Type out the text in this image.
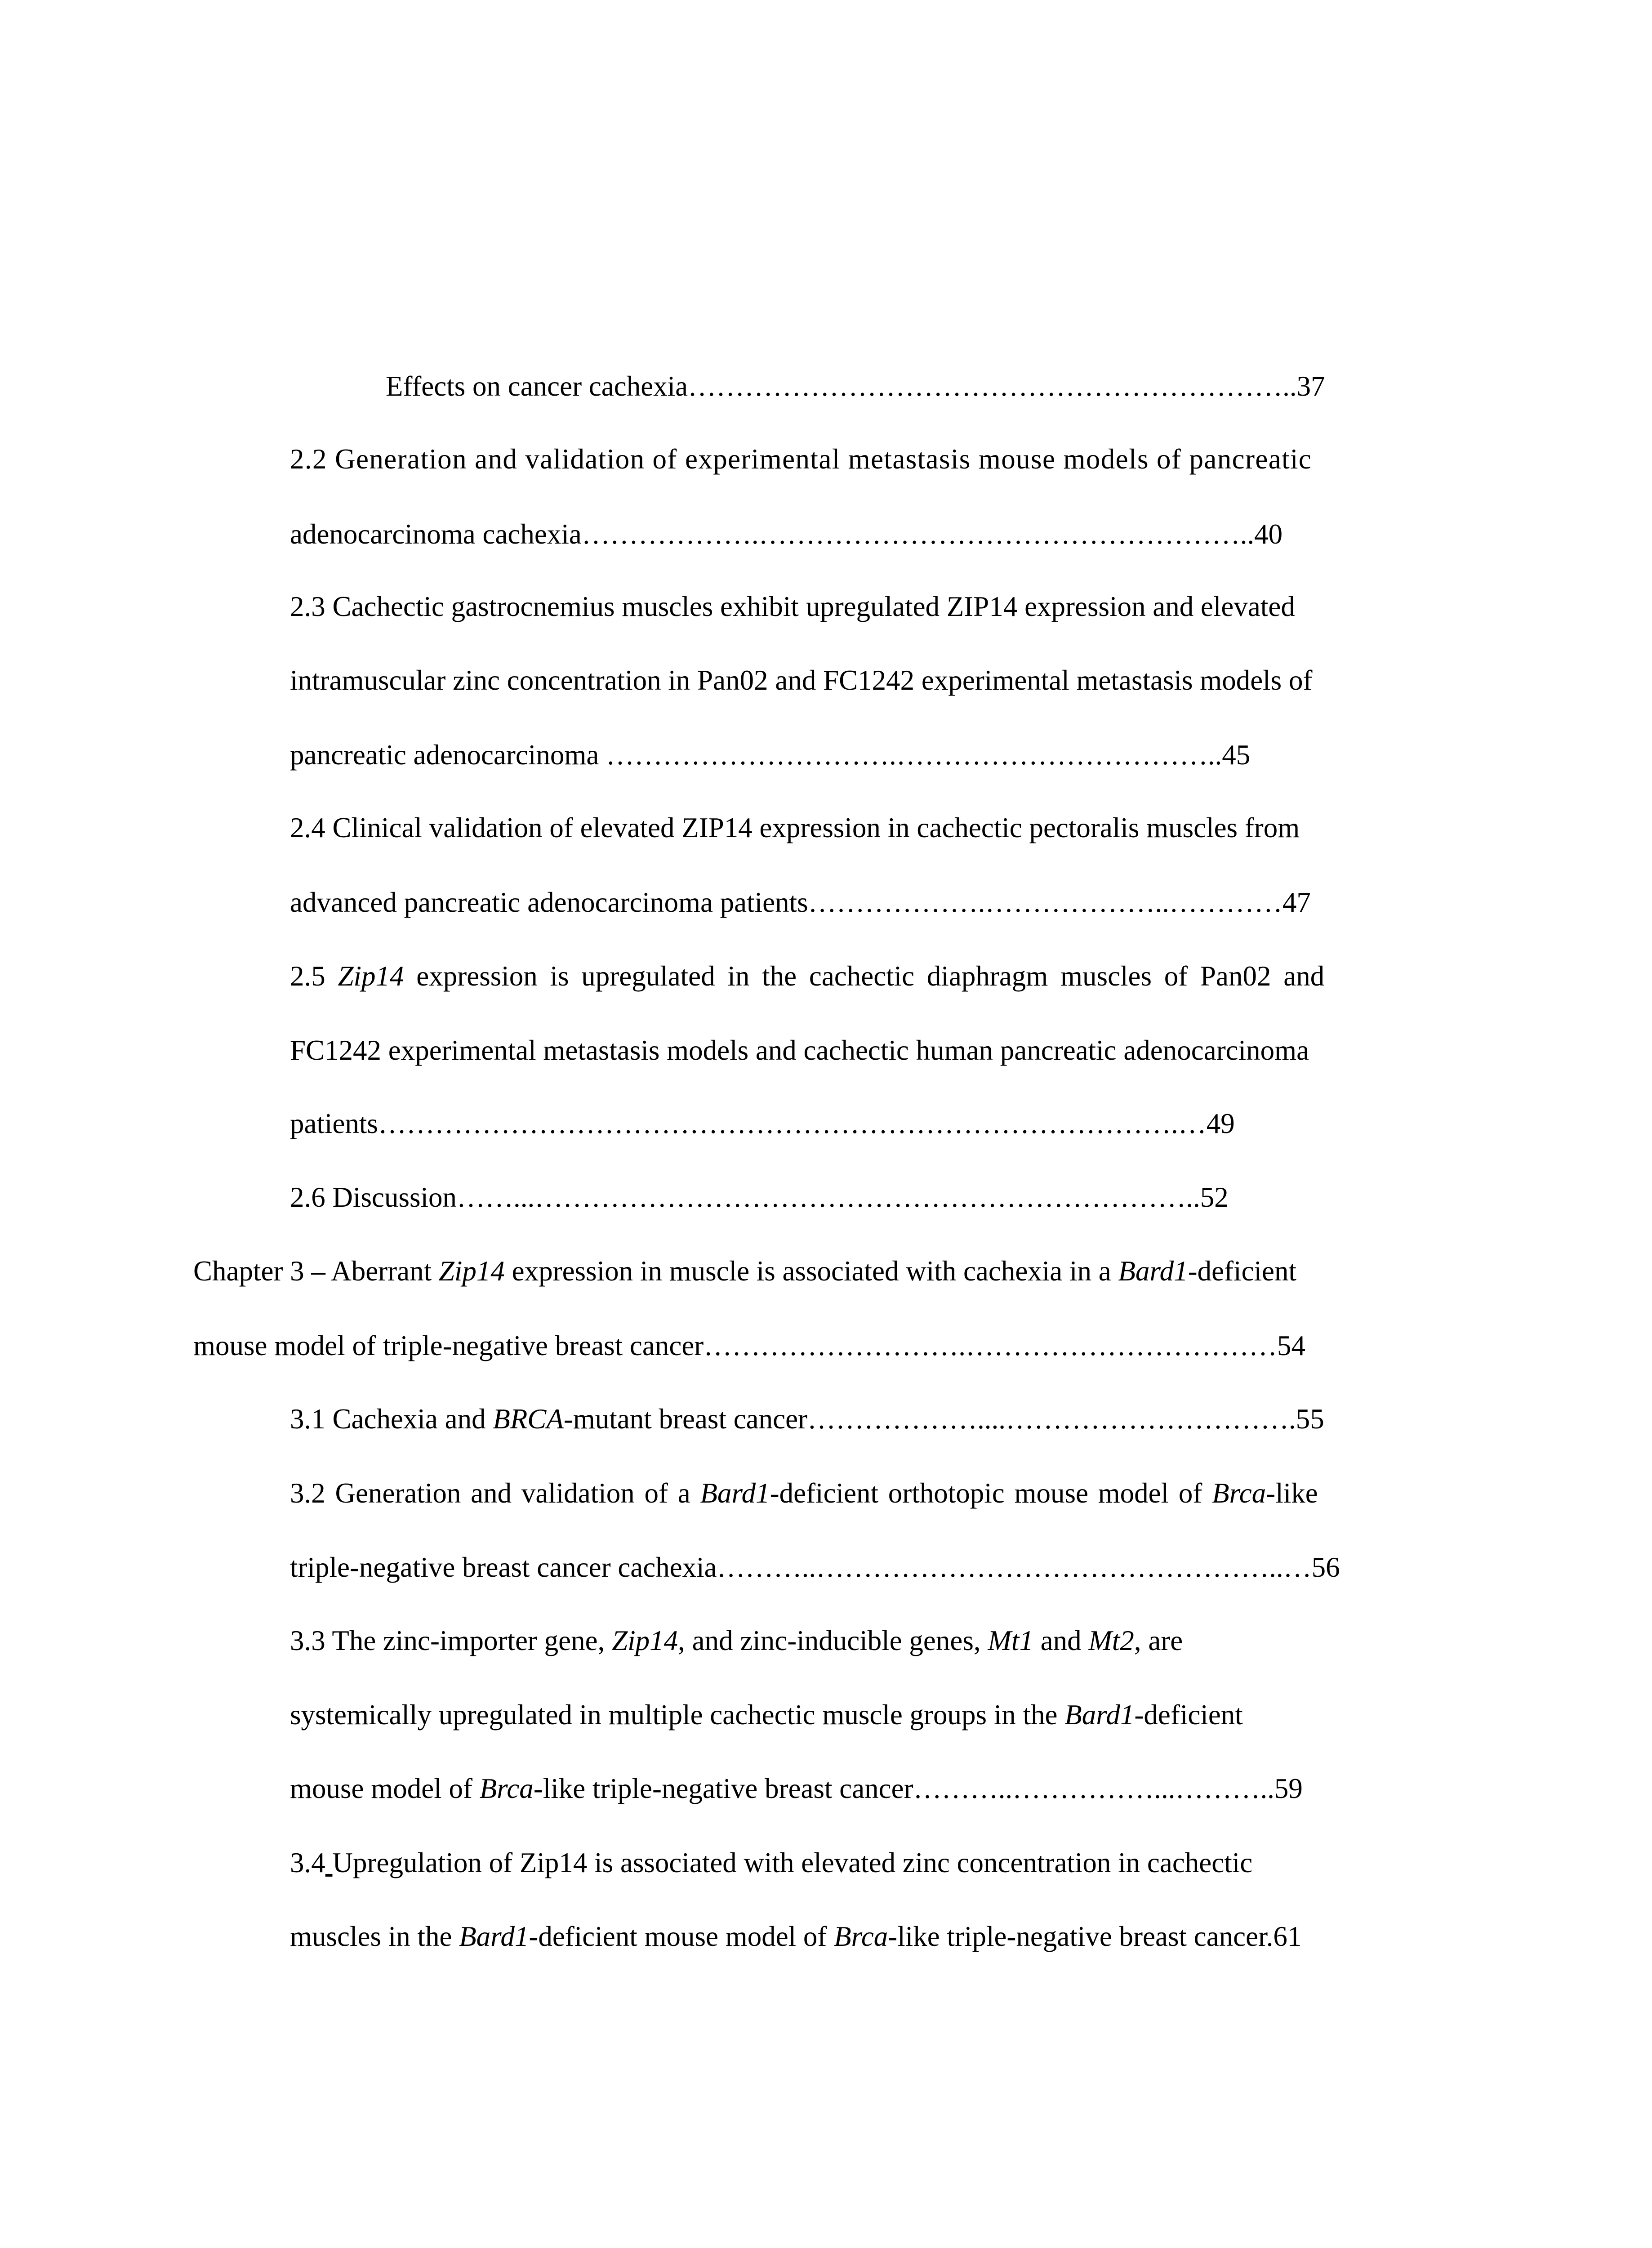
Effects on cancer cachexia………………………………………………………..37

2.2 Generation and validation of experimental metastasis mouse models of pancreatic

adenocarcinoma cachexia……………….……………………………………………..40

2.3 Cachectic gastrocnemius muscles exhibit upregulated ZIP14 expression and elevated

intramuscular zinc concentration in Pan02 and FC1242 experimental metastasis models of

pancreatic adenocarcinoma ………………………….……………………………..45

2.4 Clinical validation of elevated ZIP14 expression in cachectic pectoralis muscles from

advanced pancreatic adenocarcinoma patients……………….………………..…………47

2.5 Zip14 expression is upregulated in the cachectic diaphragm muscles of Pan02 and

FC1242 experimental metastasis models and cachectic human pancreatic adenocarcinoma

patients………………………………………………………………………….…49

2.6 Discussion……...……………………………………………………………..52

Chapter 3 – Aberrant Zip14 expression in muscle is associated with cachexia in a Bard1-deficient

mouse model of triple-negative breast cancer……………………….……………………………54

3.1 Cachexia and BRCA-mutant breast cancer………………....………………………….55

3.2 Generation and validation of a Bard1-deficient orthotopic mouse model of Brca-like

triple-negative breast cancer cachexia………..…………………………………………..…56

3.3 The zinc-importer gene, Zip14, and zinc-inducible genes, Mt1 and Mt2, are

systemically upregulated in multiple cachectic muscle groups in the Bard1-deficient

mouse model of Brca-like triple-negative breast cancer………..……………...………..59

3.4 Upregulation of Zip14 is associated with elevated zinc concentration in cachectic

muscles in the Bard1-deficient mouse model of Brca-like triple-negative breast cancer.61
